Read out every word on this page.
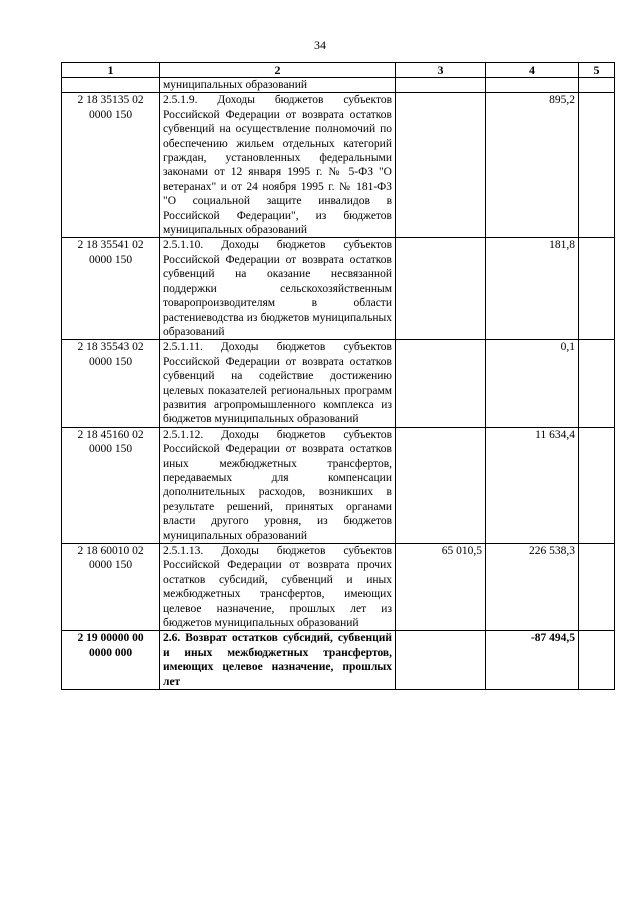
34
1	2	3	4	5
	муниципальных образований			
2 18 35135 02 0000 150	2.5.1.9. Доходы бюджетов субъектов Российской Федерации от возврата остатков субвенций на осуществление полномочий по обеспечению жильем отдельных категорий граждан, установленных федеральными законами от 12 января 1995 г. № 5-ФЗ "О ветеранах" и от 24 ноября 1995 г. № 181-ФЗ "О социальной защите инвалидов в Российской Федерации", из бюджетов муниципальных образований		895,2	
2 18 35541 02 0000 150	2.5.1.10. Доходы бюджетов субъектов Российской Федерации от возврата остатков субвенций на оказание несвязанной поддержки сельскохозяйственным товаропроизводителям в области растениеводства из бюджетов муниципальных образований		181,8	
2 18 35543 02 0000 150	2.5.1.11. Доходы бюджетов субъектов Российской Федерации от возврата остатков субвенций на содействие достижению целевых показателей региональных программ развития агропромышленного комплекса из бюджетов муниципальных образований		0,1	
2 18 45160 02 0000 150	2.5.1.12. Доходы бюджетов субъектов Российской Федерации от возврата остатков иных межбюджетных трансфертов, передаваемых для компенсации дополнительных расходов, возникших в результате решений, принятых органами власти другого уровня, из бюджетов муниципальных образований		11 634,4	
2 18 60010 02 0000 150	2.5.1.13. Доходы бюджетов субъектов Российской Федерации от возврата прочих остатков субсидий, субвенций и иных межбюджетных трансфертов, имеющих целевое назначение, прошлых лет из бюджетов муниципальных образований	65 010,5	226 538,3	
2 19 00000 00 0000 000	2.6. Возврат остатков субсидий, субвенций и иных межбюджетных трансфертов, имеющих целевое назначение, прошлых лет		-87 494,5	
